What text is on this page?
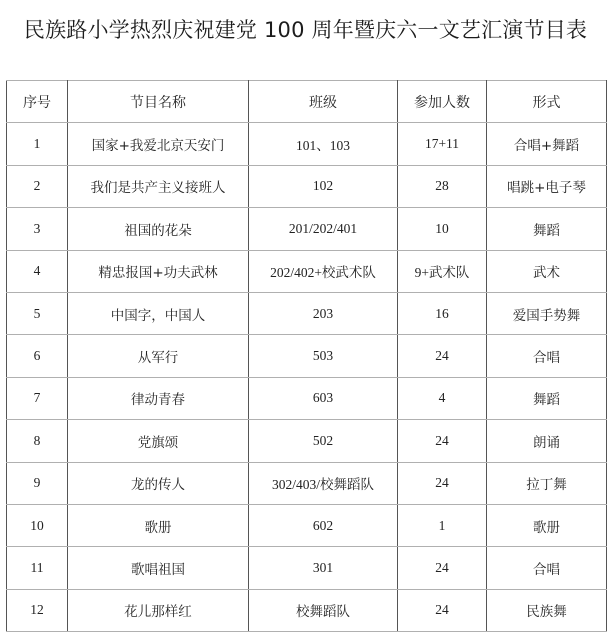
民族路小学热烈庆祝建党 100 周年暨庆六一文艺汇演节目表
序号	节目名称	班级	参加人数	形式
1	国家+我爱北京天安门	101、103	17+11	合唱+舞蹈
2	我们是共产主义接班人	102	28	唱跳+电子琴
3	祖国的花朵	201/202/401	10	舞蹈
4	精忠报国+功夫武林	202/402+校武术队	9+武术队	武术
5	中国字，中国人	203	16	爱国手势舞
6	从军行	503	24	合唱
7	律动青春	603	4	舞蹈
8	党旗颂	502	24	朗诵
9	龙的传人	302/403/校舞蹈队	24	拉丁舞
10	歌册	602	1	歌册
11	歌唱祖国	301	24	合唱
12	花儿那样红	校舞蹈队	24	民族舞
